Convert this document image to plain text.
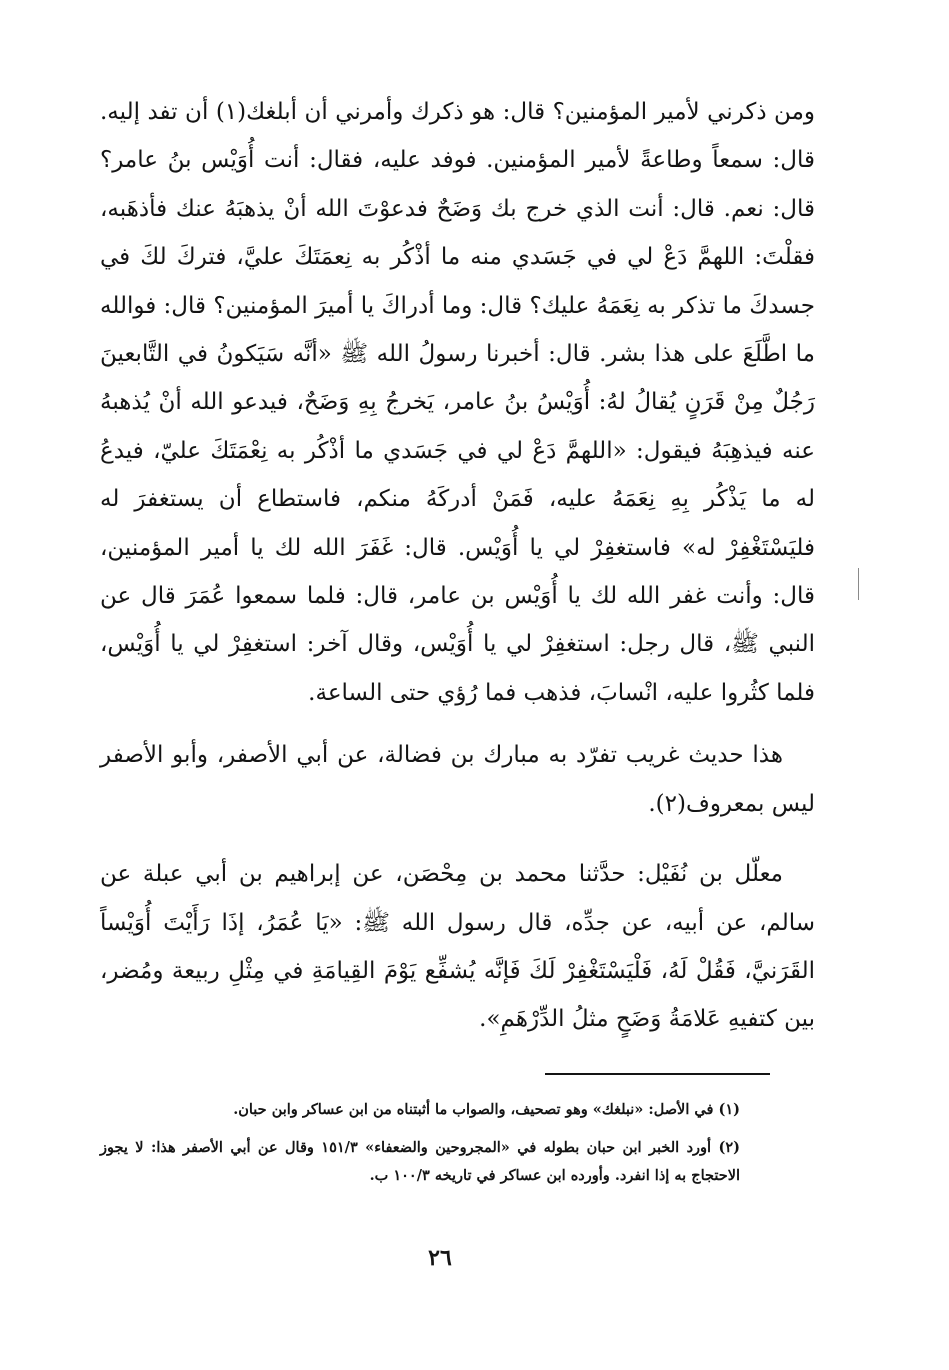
ومن ذكرني لأمير المؤمنين؟ قال: هو ذكرك وأمرني أن أبلغك(١) أن تفد إليه. قال: سمعاً وطاعةً لأمير المؤمنين. فوفد عليه، فقال: أنت أُوَيْس بنُ عامر؟ قال: نعم. قال: أنت الذي خرج بك وَضَحٌ فدعوْتَ الله أنْ يذهبَهُ عنك فأذهَبه، فقلْتَ: اللهمَّ دَعْ لي في جَسَدي منه ما أذْكُر به نِعمَتَكَ عليَّ، فتركَ لكَ في جسدكَ ما تذكر به نِعَمَهُ عليك؟ قال: وما أدراكَ يا أميرَ المؤمنين؟ قال: فوالله ما اطَّلَعَ على هذا بشر. قال: أخبرنا رسولُ الله ﷺ «أنَّه سَيَكونُ في التَّابعينَ رَجُلٌ مِنْ قَرَنٍ يُقالُ لهُ: أُوَيْسُ بنُ عامر، يَخرجُ بِهِ وَضَحٌ، فيدعو الله أنْ يُذهبهُ عنه فيذهِبَهُ فيقول: «اللهمَّ دَعْ لي في جَسَدي ما أذْكُر به نِعْمَتَكَ عليّ، فيدعُ له ما يَذْكُر بِهِ نِعَمَهُ عليه، فَمَنْ أدركَهُ منكم، فاستطاع أن يستغفرَ له فليَسْتَغْفِرْ له» فاستغفِرْ لي يا أُوَيْس. قال: غَفَرَ الله لك يا أمير المؤمنين، قال: وأنت غفر الله لك يا أُوَيْس بن عامر، قال: فلما سمعوا عُمَرَ قال عن النبي ﷺ، قال رجل: استغفِرْ لي يا أُوَيْس، وقال آخر: استغفِرْ لي يا أُوَيْس، فلما كثُروا عليه، انْسابَ، فذهب فما رُؤي حتى الساعة.

هذا حديث غريب تفرّد به مبارك بن فضالة، عن أبي الأصفر، وأبو الأصفر ليس بمعروف(٢).

معلّل بن نُفَيْل: حدَّثنا محمد بن مِحْصَن، عن إبراهيم بن أبي عبلة عن سالم، عن أبيه، عن جدِّه، قال رسول الله ﷺ: «يَا عُمَرُ، إذَا رَأَيْتَ أُوَيْساً القَرَنيَّ، فَقُلْ لَهُ، فَلْيَسْتَغْفِرْ لَكَ فَإنَّه يُشفِّع يَوْمَ القِيامَةِ في مِثْلِ ربيعة ومُضر، بين كتفيهِ عَلامَةُ وَضَحٍ مثلُ الدِّرْهَمِ».

(١) في الأصل: «نبلغك» وهو تصحيف، والصواب ما أثبتناه من ابن عساكر وابن حبان.

(٢) أورد الخبر ابن حبان بطوله في «المجروحين والضعفاء» ١٥١/٣ وقال عن أبي الأصفر هذا: لا يجوز الاحتجاج به إذا انفرد. وأورده ابن عساكر في تاريخه ١٠٠/٣ ب.

٢٦
